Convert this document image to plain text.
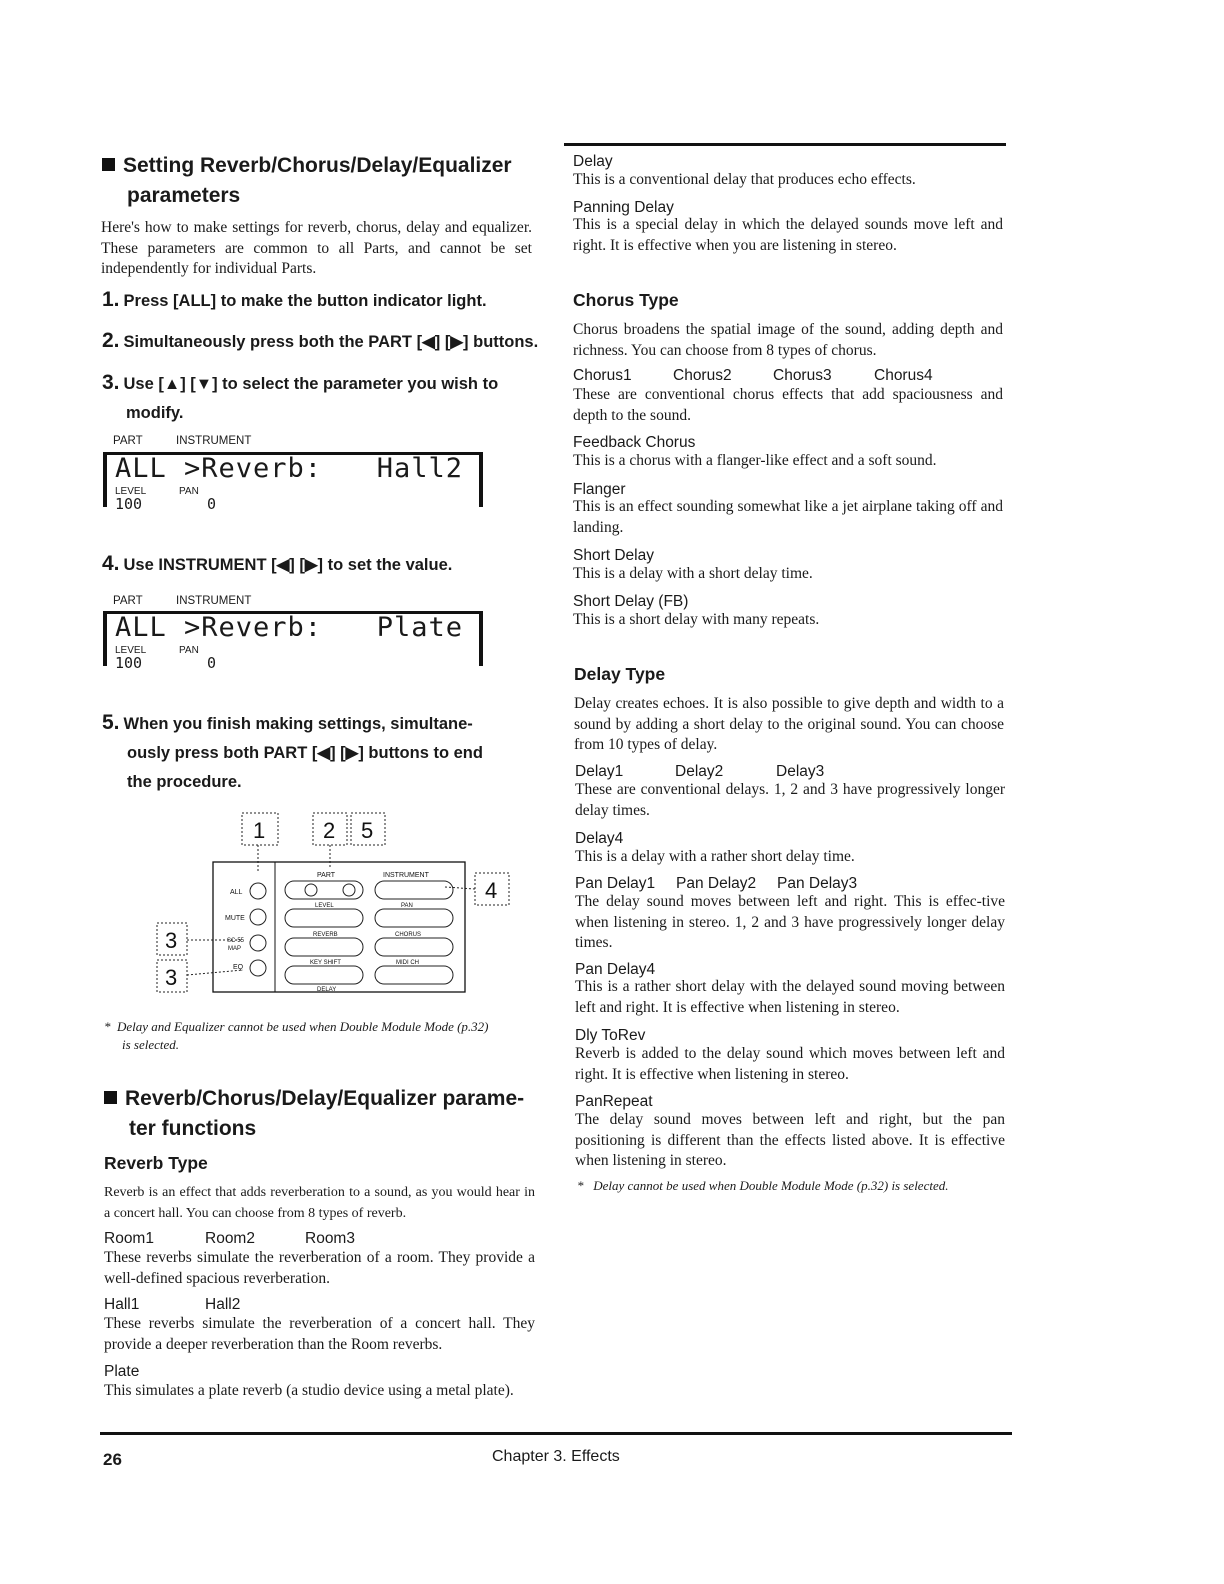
Setting Reverb/Chorus/Delay/Equalizer
parameters
Here's how to make settings for reverb, chorus, delay and equalizer. These parameters are common to all Parts, and cannot be set independently for individual Parts.
1. Press [ALL] to make the button indicator light.
2. Simultaneously press both the PART [◀] [▶] buttons.
3. Use [▲] [▼] to select the parameter you wish to
modify.
PART	INSTRUMENT
ALL >Reverb: Hall2
LEVEL	PAN
100	0
4. Use INSTRUMENT [◀] [▶] to set the value.
PART	INSTRUMENT
ALL >Reverb: Plate
LEVEL	PAN
100	0
5. When you finish making settings, simultane-
ously press both PART [◀] [▶] buttons to end
the procedure.
1	2 5
4
3
3
ALL
MUTE
SC-55
MAP
EQ
PART	INSTRUMENT
LEVEL	PAN
REVERB	CHORUS
KEY SHIFT	MIDI CH
DELAY
*  Delay and Equalizer cannot be used when Double Module Mode (p.32)
is selected.
Reverb/Chorus/Delay/Equalizer parame-
ter functions
Reverb Type
Reverb is an effect that adds reverberation to a sound, as you would hear in a concert hall. You can choose from 8 types of reverb.
Room1	Room2	Room3
These reverbs simulate the reverberation of a room. They provide a well-defined spacious reverberation.
Hall1	Hall2
These reverbs simulate the reverberation of a concert hall. They provide a deeper reverberation than the Room reverbs.
Plate
This simulates a plate reverb (a studio device using a metal plate).
Delay
This is a conventional delay that produces echo effects.
Panning Delay
This is a special delay in which the delayed sounds move left and right. It is effective when you are listening in stereo.
Chorus Type
Chorus broadens the spatial image of the sound, adding depth and richness. You can choose from 8 types of chorus.
Chorus1	Chorus2	Chorus3	Chorus4
These are conventional chorus effects that add spaciousness and depth to the sound.
Feedback Chorus
This is a chorus with a flanger-like effect and a soft sound.
Flanger
This is an effect sounding somewhat like a jet airplane taking off and landing.
Short Delay
This is a delay with a short delay time.
Short Delay (FB)
This is a short delay with many repeats.
Delay Type
Delay creates echoes. It is also possible to give depth and width to a sound by adding a short delay to the original sound. You can choose from 10 types of delay.
Delay1	Delay2	Delay3
These are conventional delays. 1, 2 and 3 have progressively longer delay times.
Delay4
This is a delay with a rather short delay time.
Pan Delay1 Pan Delay2 Pan Delay3
The delay sound moves between left and right. This is effec-tive when listening in stereo. 1, 2 and 3 have progressively longer delay times.
Pan Delay4
This is a rather short delay with the delayed sound moving between left and right. It is effective when listening in stereo.
Dly ToRev
Reverb is added to the delay sound which moves between left and right. It is effective when listening in stereo.
PanRepeat
The delay sound moves between left and right, but the pan positioning is different than the effects listed above. It is effective when listening in stereo.
*   Delay cannot be used when Double Module Mode (p.32) is selected.
26	Chapter 3. Effects
